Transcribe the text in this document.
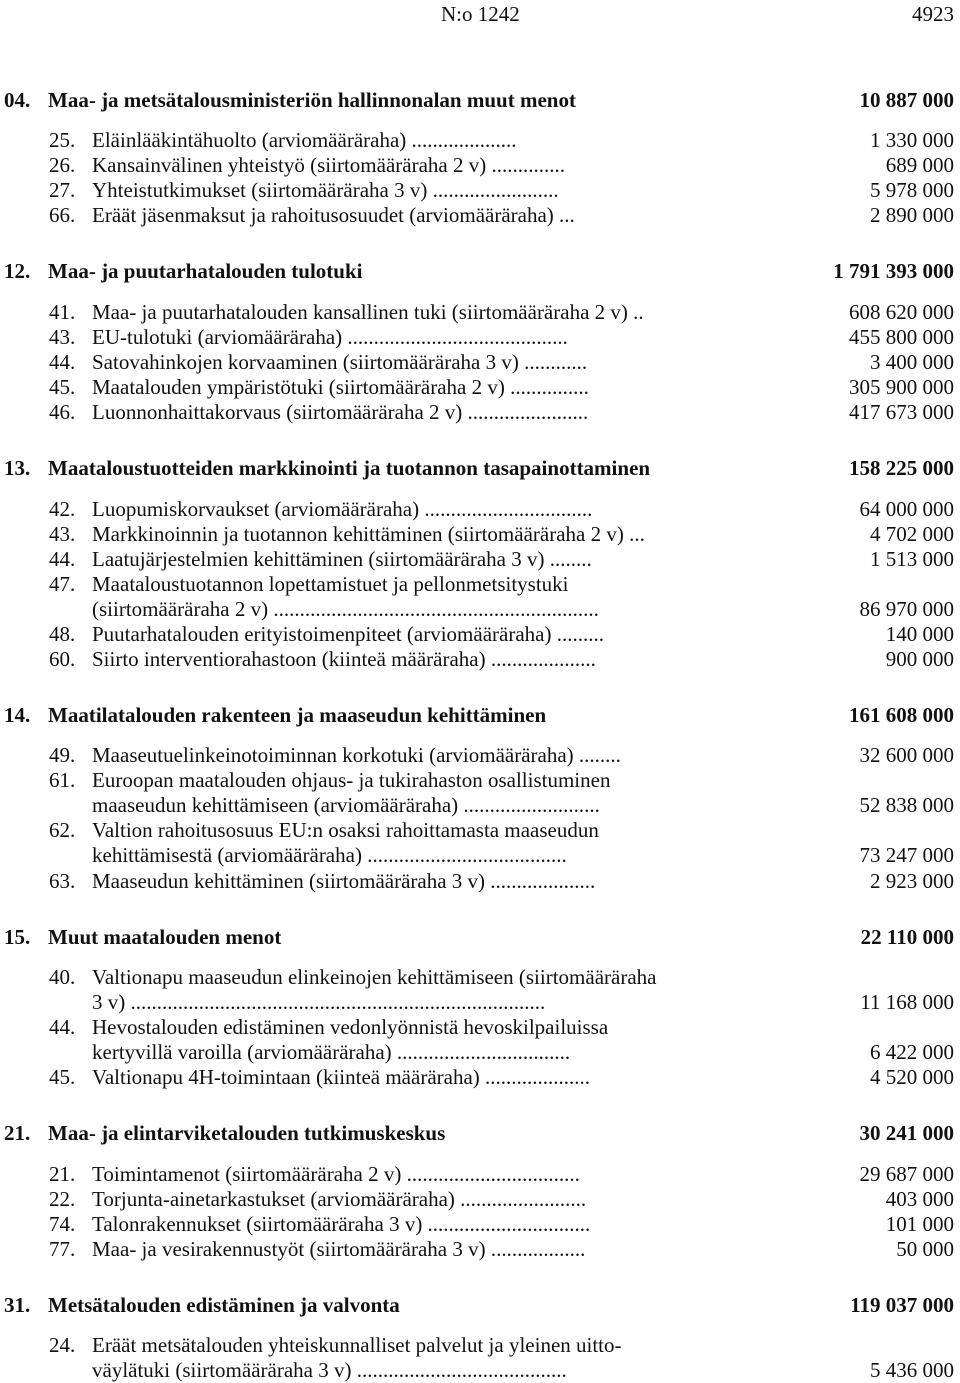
N:o 1242	4923
04. Maa- ja metsätalousministeriön hallinnonalan muut menot	10 887 000
25. Eläinlääkintähuolto (arviomääräraha) ....................	1 330 000
26. Kansainvälinen yhteistyö (siirtomääräraha 2 v) ..............	689 000
27. Yhteistutkimukset (siirtomääräraha 3 v) ........................	5 978 000
66. Eräät jäsenmaksut ja rahoitusosuudet (arviomääräraha) ...	2 890 000
12. Maa- ja puutarhatalouden tulotuki	1 791 393 000
41. Maa- ja puutarhatalouden kansallinen tuki (siirtomääräraha 2 v) ..	608 620 000
43. EU-tulotuki (arviomääräraha) ..........................................	455 800 000
44. Satovahinkojen korvaaminen (siirtomääräraha 3 v) ............	3 400 000
45. Maatalouden ympäristötuki (siirtomääräraha 2 v) ...............	305 900 000
46. Luonnonhaittakorvaus (siirtomääräraha 2 v) .......................	417 673 000
13. Maataloustuotteiden markkinointi ja tuotannon tasapainottaminen	158 225 000
42. Luopumiskorvaukset (arviomääräraha) ................................	64 000 000
43. Markkinoinnin ja tuotannon kehittäminen (siirtomääräraha 2 v) ...	4 702 000
44. Laatujärjestelmien kehittäminen (siirtomääräraha 3 v) ........	1 513 000
47. Maataloustuotannon lopettamistuet ja pellonmetsitystuki
(siirtomääräraha 2 v) ..............................................................	86 970 000
48. Puutarhatalouden erityistoimenpiteet (arviomääräraha) .........	140 000
60. Siirto interventiorahastoon (kiinteä määräraha) ....................	900 000
14. Maatilatalouden rakenteen ja maaseudun kehittäminen	161 608 000
49. Maaseutuelinkeinotoiminnan korkotuki (arviomääräraha) ........	32 600 000
61. Euroopan maatalouden ohjaus- ja tukirahaston osallistuminen
maaseudun kehittämiseen (arviomääräraha) ..........................	52 838 000
62. Valtion rahoitusosuus EU:n osaksi rahoittamasta maaseudun
kehittämisestä (arviomääräraha) ......................................	73 247 000
63. Maaseudun kehittäminen (siirtomääräraha 3 v) ....................	2 923 000
15. Muut maatalouden menot	22 110 000
40. Valtionapu maaseudun elinkeinojen kehittämiseen (siirtomääräraha
3 v) ...............................................................................	11 168 000
44. Hevostalouden edistäminen vedonlyönnistä hevoskilpailuissa
kertyvillä varoilla (arviomääräraha) .................................	6 422 000
45. Valtionapu 4H-toimintaan (kiinteä määräraha) ....................	4 520 000
21. Maa- ja elintarviketalouden tutkimuskeskus	30 241 000
21. Toimintamenot (siirtomääräraha 2 v) .................................	29 687 000
22. Torjunta-ainetarkastukset (arviomääräraha) ........................	403 000
74. Talonrakennukset (siirtomääräraha 3 v) ...............................	101 000
77. Maa- ja vesirakennustyöt (siirtomääräraha 3 v) ..................	50 000
31. Metsätalouden edistäminen ja valvonta	119 037 000
24. Eräät metsätalouden yhteiskunnalliset palvelut ja yleinen uitto-
väylätuki (siirtomääräraha 3 v) ........................................	5 436 000
